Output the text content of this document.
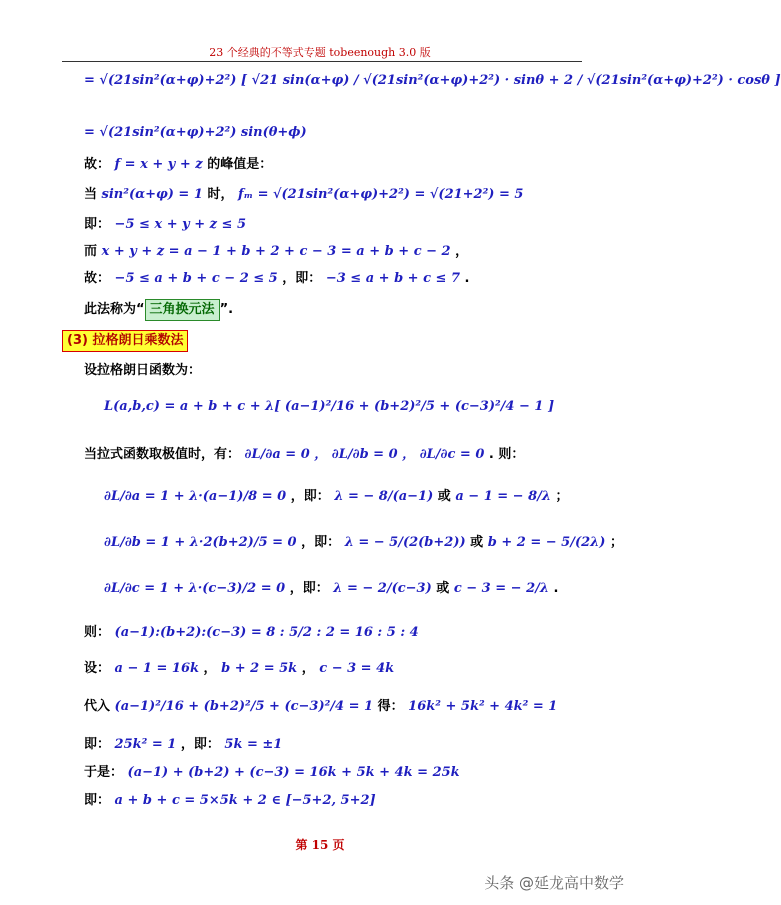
23 个经典的不等式专题 tobeenough 3.0 版
= √(21sin²(α+φ)+2²) [ √21 sin(α+φ) / √(21sin²(α+φ)+2²) · sinθ + 2 / √(21sin²(α+φ)+2²) · cosθ ]
= √(21sin²(α+φ)+2²) sin(θ+ϕ)
故： f = x + y + z 的峰值是：
当 sin²(α+φ) = 1 时， fₘ = √(21sin²(α+φ)+2²) = √(21+2²) = 5
即： −5 ≤ x + y + z ≤ 5
而 x + y + z = a − 1 + b + 2 + c − 3 = a + b + c − 2 ，
故： −5 ≤ a + b + c − 2 ≤ 5 ，即： −3 ≤ a + b + c ≤ 7 .
此法称为“ 三角换元法 ”.
(3) 拉格朗日乘数法
设拉格朗日函数为：
L(a,b,c) = a + b + c + λ[ (a−1)²/16 + (b+2)²/5 + (c−3)²/4 − 1 ]
当拉式函数取极值时，有： ∂L/∂a = 0 ， ∂L/∂b = 0 ， ∂L/∂c = 0 . 则：
∂L/∂a = 1 + λ·(a−1)/8 = 0 ，即： λ = − 8/(a−1) 或 a − 1 = − 8/λ ；
∂L/∂b = 1 + λ·2(b+2)/5 = 0 ，即： λ = − 5/(2(b+2)) 或 b + 2 = − 5/(2λ) ；
∂L/∂c = 1 + λ·(c−3)/2 = 0 ，即： λ = − 2/(c−3) 或 c − 3 = − 2/λ .
则： (a−1):(b+2):(c−3) = 8 : 5/2 : 2 = 16 : 5 : 4
设： a − 1 = 16k ， b + 2 = 5k ， c − 3 = 4k
代入 (a−1)²/16 + (b+2)²/5 + (c−3)²/4 = 1 得： 16k² + 5k² + 4k² = 1
即： 25k² = 1 ，即： 5k = ±1
于是： (a−1) + (b+2) + (c−3) = 16k + 5k + 4k = 25k
即： a + b + c = 5×5k + 2 ∈ [−5+2, 5+2]
第 15 页
头条 @延龙高中数学
